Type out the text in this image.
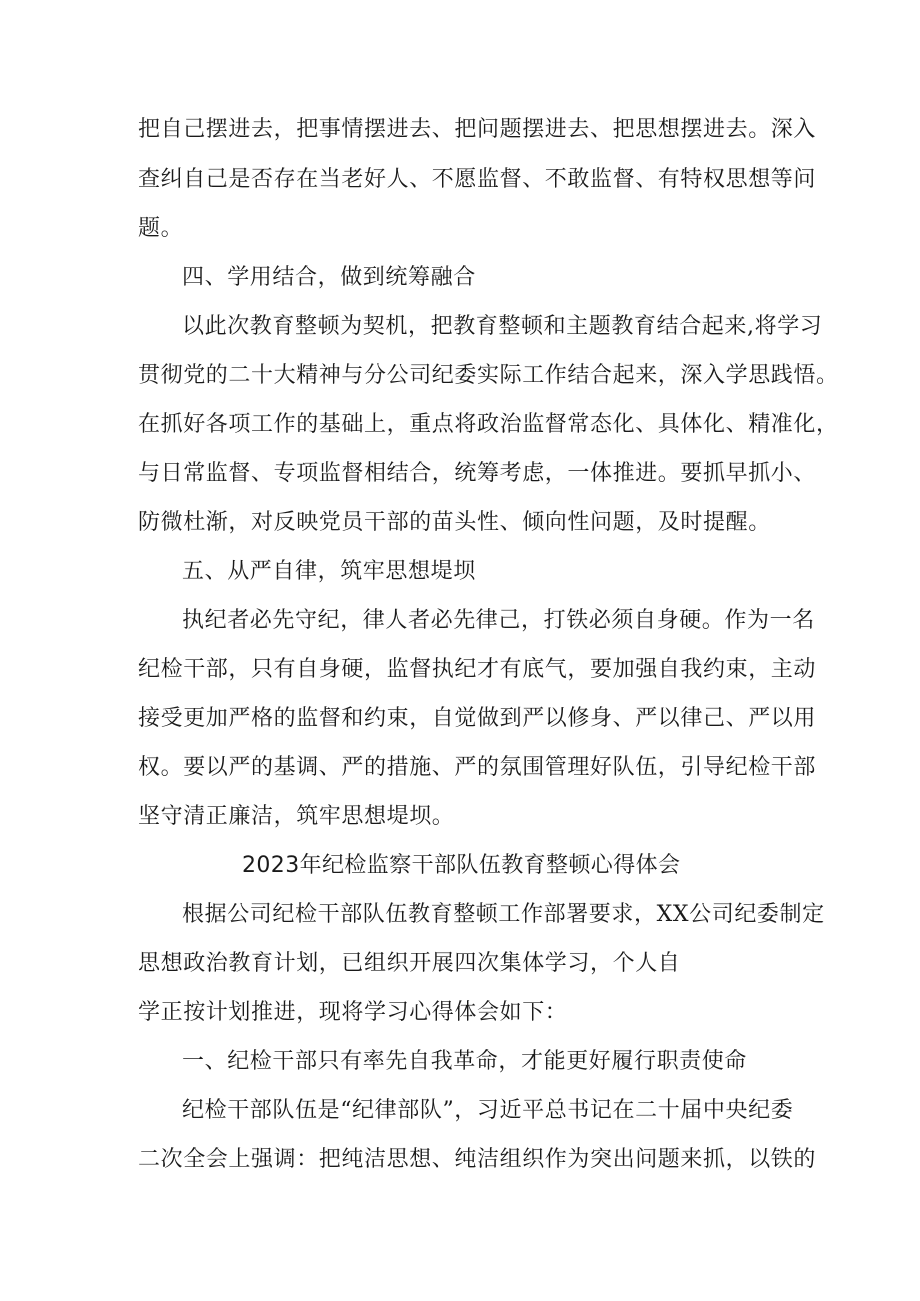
把自己摆进去，把事情摆进去、把问题摆进去、把思想摆进去。深入
查纠自己是否存在当老好人、不愿监督、不敢监督、有特权思想等问
题。
四、学用结合，做到统筹融合
以此次教育整顿为契机，把教育整顿和主题教育结合起来,将学习
贯彻党的二十大精神与分公司纪委实际工作结合起来，深入学思践悟。
在抓好各项工作的基础上，重点将政治监督常态化、具体化、精准化，
与日常监督、专项监督相结合，统筹考虑，一体推进。要抓早抓小、
防微杜渐，对反映党员干部的苗头性、倾向性问题，及时提醒。
五、从严自律，筑牢思想堤坝
执纪者必先守纪，律人者必先律己，打铁必须自身硬。作为一名
纪检干部，只有自身硬，监督执纪才有底气，要加强自我约束，主动
接受更加严格的监督和约束，自觉做到严以修身、严以律己、严以用
权。要以严的基调、严的措施、严的氛围管理好队伍，引导纪检干部
坚守清正廉洁，筑牢思想堤坝。
2023年纪检监察干部队伍教育整顿心得体会
根据公司纪检干部队伍教育整顿工作部署要求，XX公司纪委制定
思想政治教育计划，已组织开展四次集体学习，个人自
学正按计划推进，现将学习心得体会如下：
一、纪检干部只有率先自我革命，才能更好履行职责使命
纪检干部队伍是“纪律部队”，习近平总书记在二十届中央纪委
二次全会上强调：把纯洁思想、纯洁组织作为突出问题来抓，以铁的
